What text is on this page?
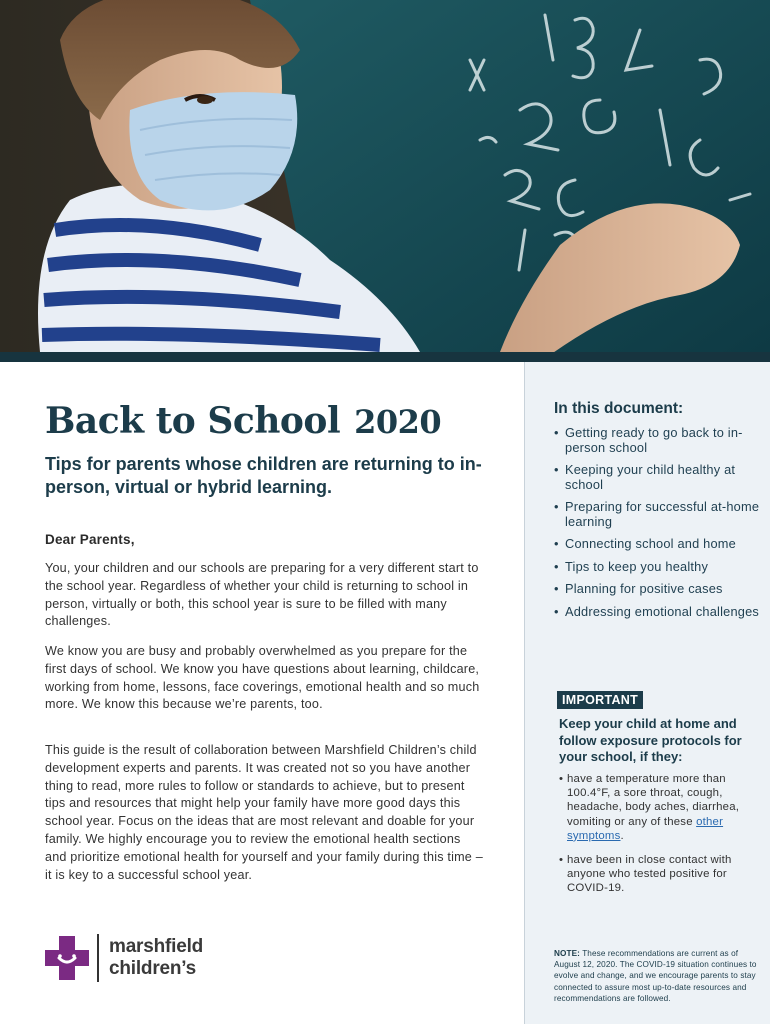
Back to School 2020
Tips for parents whose children are returning to in-person, virtual or hybrid learning.

Dear Parents,

You, your children and our schools are preparing for a very different start to the school year. Regardless of whether your child is returning to school in person, virtually or both, this school year is sure to be filled with many challenges.

We know you are busy and probably overwhelmed as you prepare for the first days of school. We know you have questions about learning, childcare, working from home, lessons, face coverings, emotional health and so much more. We know this because we’re parents, too.

This guide is the result of collaboration between Marshfield Children’s child development experts and parents. It was created not so you have another thing to read, more rules to follow or standards to achieve, but to present tips and resources that might help your family have more good days this school year. Focus on the ideas that are most relevant and doable for your family. We highly encourage you to review the emotional health sections and prioritize emotional health for yourself and your family during this time – it is key to a successful school year.

marshfield
children’s
In this document:
• Getting ready to go back to in-person school
• Keeping your child healthy at school
• Preparing for successful at-home learning
• Connecting school and home
• Tips to keep you healthy
• Planning for positive cases
• Addressing emotional challenges
IMPORTANT

Keep your child at home and follow exposure protocols for your school, if they:

• have a temperature more than 100.4°F, a sore throat, cough, headache, body aches, diarrhea, vomiting or any of these other symptoms.
• have been in close contact with anyone who tested positive for COVID-19.

NOTE: These recommendations are current as of August 12, 2020. The COVID-19 situation continues to evolve and change, and we encourage parents to stay connected to assure most up-to-date resources and recommendations are followed.
